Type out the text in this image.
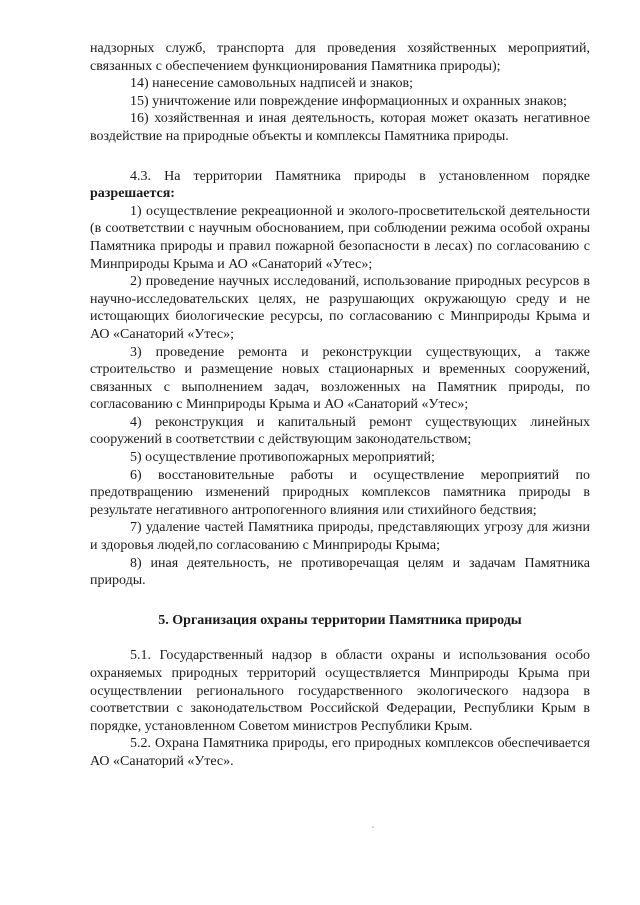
надзорных служб, транспорта для проведения хозяйственных мероприятий, связанных с обеспечением функционирования Памятника природы);

14) нанесение самовольных надписей и знаков;

15) уничтожение или повреждение информационных и охранных знаков;

16) хозяйственная и иная деятельность, которая может оказать негативное воздействие на природные объекты и комплексы Памятника природы.

4.3. На территории Памятника природы в установленном порядке разрешается:

1) осуществление рекреационной и эколого-просветительской деятельности (в соответствии с научным обоснованием, при соблюдении режима особой охраны Памятника природы и правил пожарной безопасности в лесах) по согласованию с Минприроды Крыма и АО «Санаторий «Утес»;

2) проведение научных исследований, использование природных ресурсов в научно-исследовательских целях, не разрушающих окружающую среду и не истощающих биологические ресурсы, по согласованию с Минприроды Крыма и АО «Санаторий «Утес»;

3) проведение ремонта и реконструкции существующих, а также строительство и размещение новых стационарных и временных сооружений, связанных с выполнением задач, возложенных на Памятник природы, по согласованию с Минприроды Крыма и АО «Санаторий «Утес»;

4) реконструкция и капитальный ремонт существующих линейных сооружений в соответствии с действующим законодательством;

5) осуществление противопожарных мероприятий;

6) восстановительные работы и осуществление мероприятий по предотвращению изменений природных комплексов памятника природы в результате негативного антропогенного влияния или стихийного бедствия;

7) удаление частей Памятника природы, представляющих угрозу для жизни и здоровья людей,по согласованию с Минприроды Крыма;

8) иная деятельность, не противоречащая целям и задачам Памятника природы.

5. Организация охраны территории Памятника природы

5.1. Государственный надзор в области охраны и использования особо охраняемых природных территорий осуществляется Минприроды Крыма при осуществлении регионального государственного экологического надзора в соответствии с законодательством Российской Федерации, Республики Крым в порядке, установленном Советом министров Республики Крым.

5.2. Охрана Памятника природы, его природных комплексов обеспечивается АО «Санаторий «Утес».
